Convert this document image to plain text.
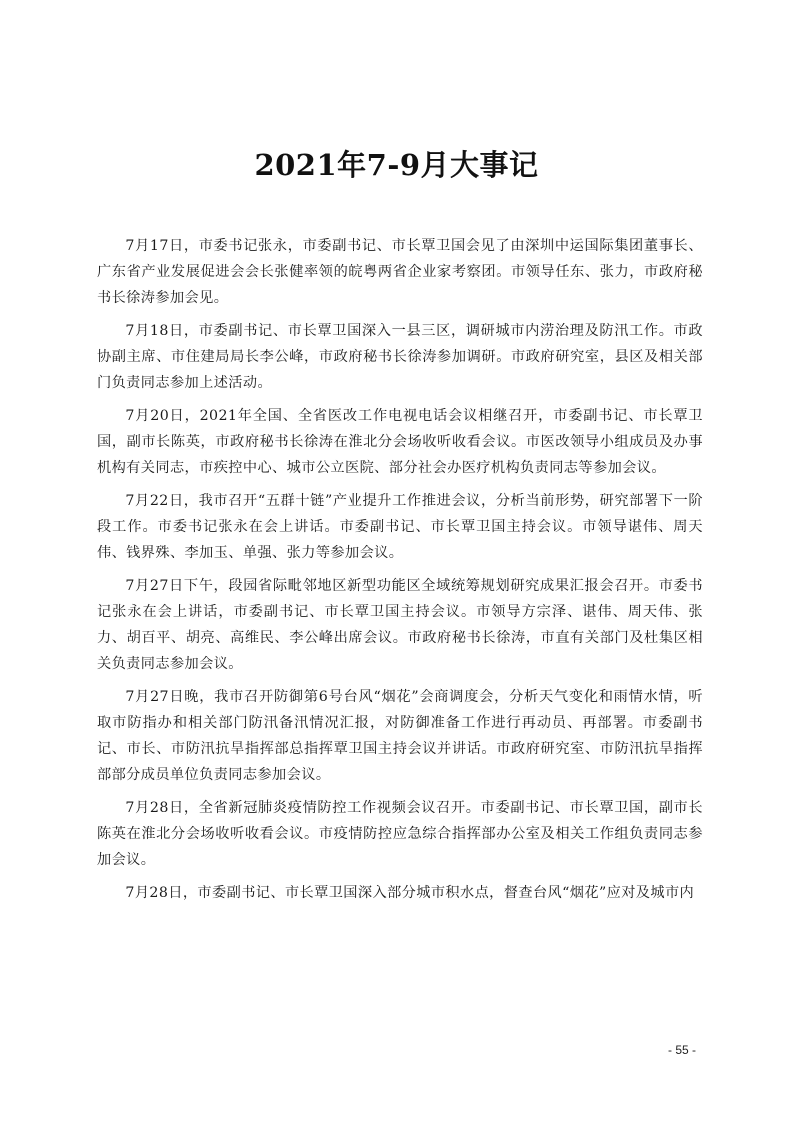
2021年7-9月大事记

7月17日，市委书记张永，市委副书记、市长覃卫国会见了由深圳中运国际集团董事长、广东省产业发展促进会会长张健率领的皖粤两省企业家考察团。市领导任东、张力，市政府秘书长徐涛参加会见。

7月18日，市委副书记、市长覃卫国深入一县三区，调研城市内涝治理及防汛工作。市政协副主席、市住建局局长李公峰，市政府秘书长徐涛参加调研。市政府研究室，县区及相关部门负责同志参加上述活动。

7月20日，2021年全国、全省医改工作电视电话会议相继召开，市委副书记、市长覃卫国，副市长陈英，市政府秘书长徐涛在淮北分会场收听收看会议。市医改领导小组成员及办事机构有关同志，市疾控中心、城市公立医院、部分社会办医疗机构负责同志等参加会议。

7月22日，我市召开“五群十链”产业提升工作推进会议，分析当前形势，研究部署下一阶段工作。市委书记张永在会上讲话。市委副书记、市长覃卫国主持会议。市领导谌伟、周天伟、钱界殊、李加玉、单强、张力等参加会议。

7月27日下午，段园省际毗邻地区新型功能区全域统筹规划研究成果汇报会召开。市委书记张永在会上讲话，市委副书记、市长覃卫国主持会议。市领导方宗泽、谌伟、周天伟、张力、胡百平、胡亮、高维民、李公峰出席会议。市政府秘书长徐涛，市直有关部门及杜集区相关负责同志参加会议。

7月27日晚，我市召开防御第6号台风“烟花”会商调度会，分析天气变化和雨情水情，听取市防指办和相关部门防汛备汛情况汇报，对防御准备工作进行再动员、再部署。市委副书记、市长、市防汛抗旱指挥部总指挥覃卫国主持会议并讲话。市政府研究室、市防汛抗旱指挥部部分成员单位负责同志参加会议。

7月28日，全省新冠肺炎疫情防控工作视频会议召开。市委副书记、市长覃卫国，副市长陈英在淮北分会场收听收看会议。市疫情防控应急综合指挥部办公室及相关工作组负责同志参加会议。

7月28日，市委副书记、市长覃卫国深入部分城市积水点，督查台风“烟花”应对及城市内

- 55 -
